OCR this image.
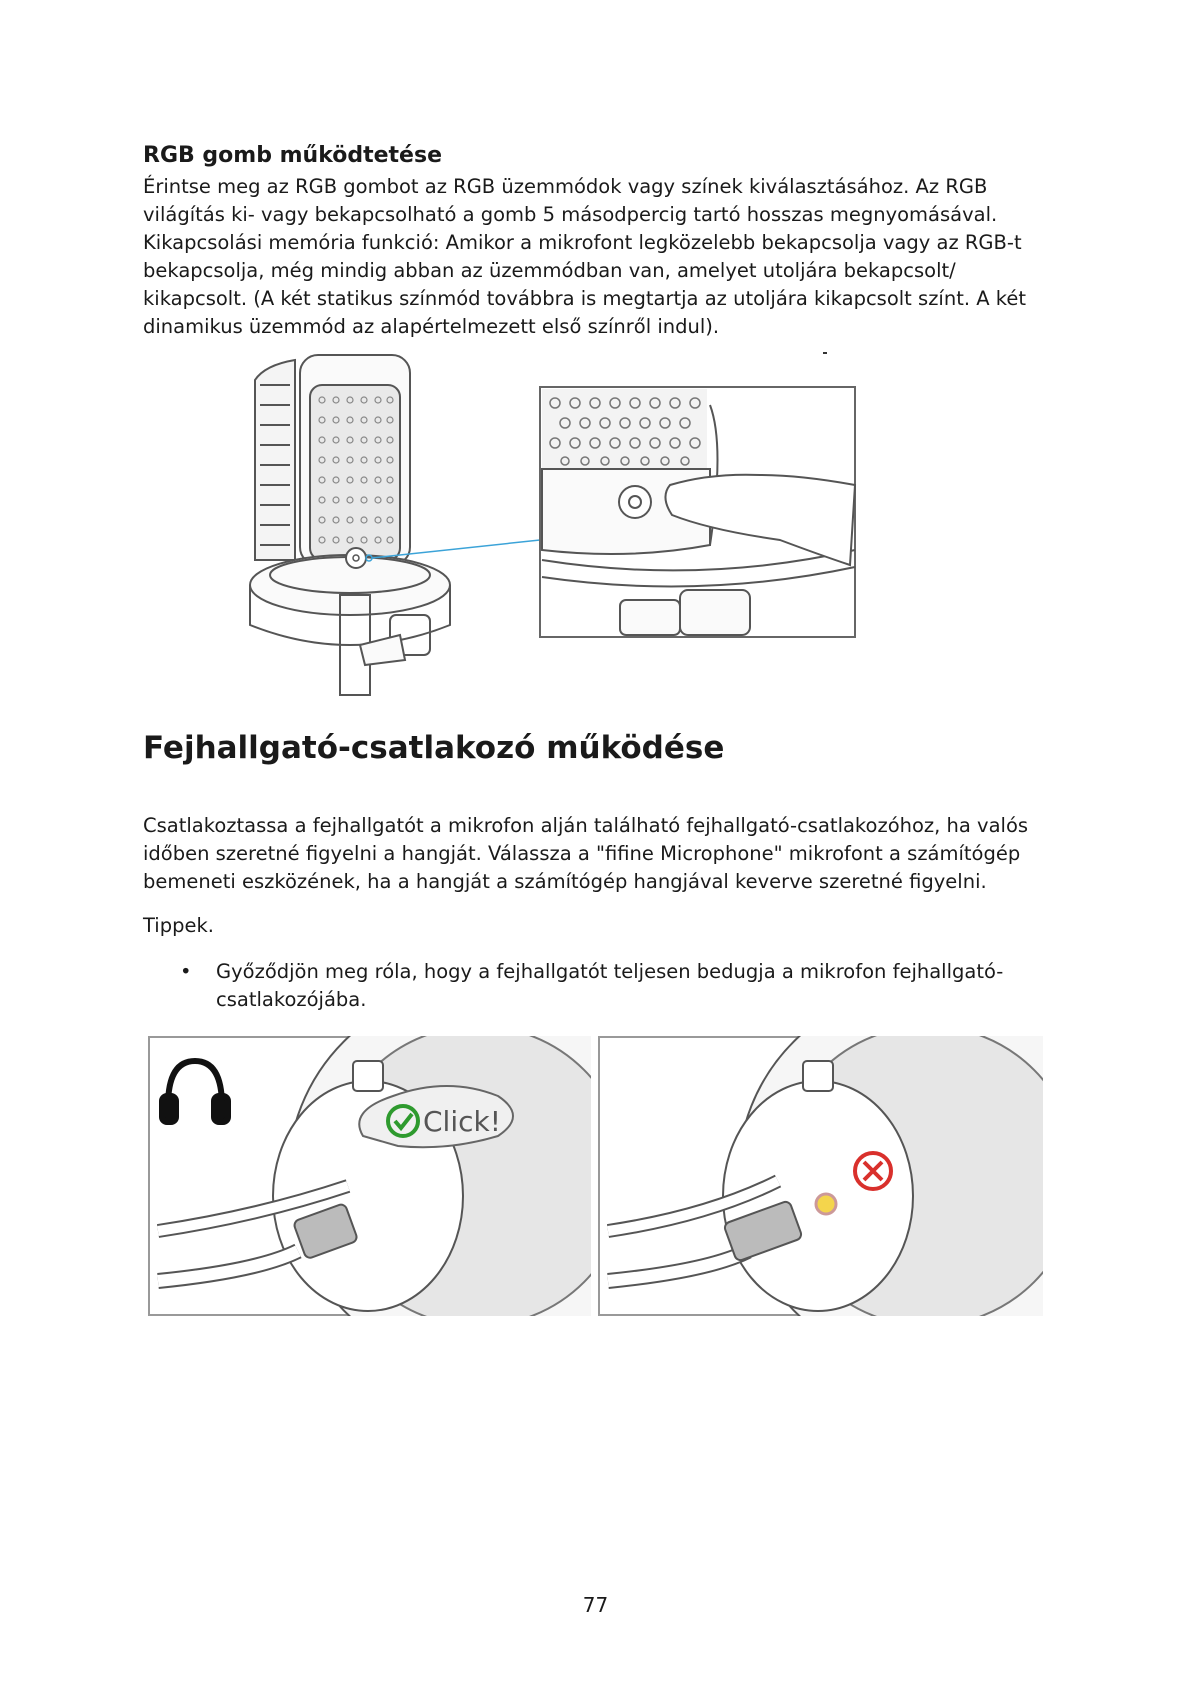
RGB gomb működtetése

Érintse meg az RGB gombot az RGB üzemmódok vagy színek kiválasztásához. Az RGB
világítás ki- vagy bekapcsolható a gomb 5 másodpercig tartó hosszas megnyomásával.
Kikapcsolási memória funkció: Amikor a mikrofont legközelebb bekapcsolja vagy az RGB-t
bekapcsolja, még mindig abban az üzemmódban van, amelyet utoljára bekapcsolt/
kikapcsolt. (A két statikus színmód továbbra is megtartja az utoljára kikapcsolt színt. A két
dinamikus üzemmód az alapértelmezett első színről indul).

Fejhallgató-csatlakozó működése

Csatlakoztassa a fejhallgatót a mikrofon alján található fejhallgató-csatlakozóhoz, ha valós
időben szeretné figyelni a hangját. Válassza a "fifine Microphone" mikrofont a számítógép
bemeneti eszközének, ha a hangját a számítógép hangjával keverve szeretné figyelni.

Tippek.

• Győződjön meg róla, hogy a fejhallgatót teljesen bedugja a mikrofon fejhallgató-
csatlakozójába.
Click!
77
